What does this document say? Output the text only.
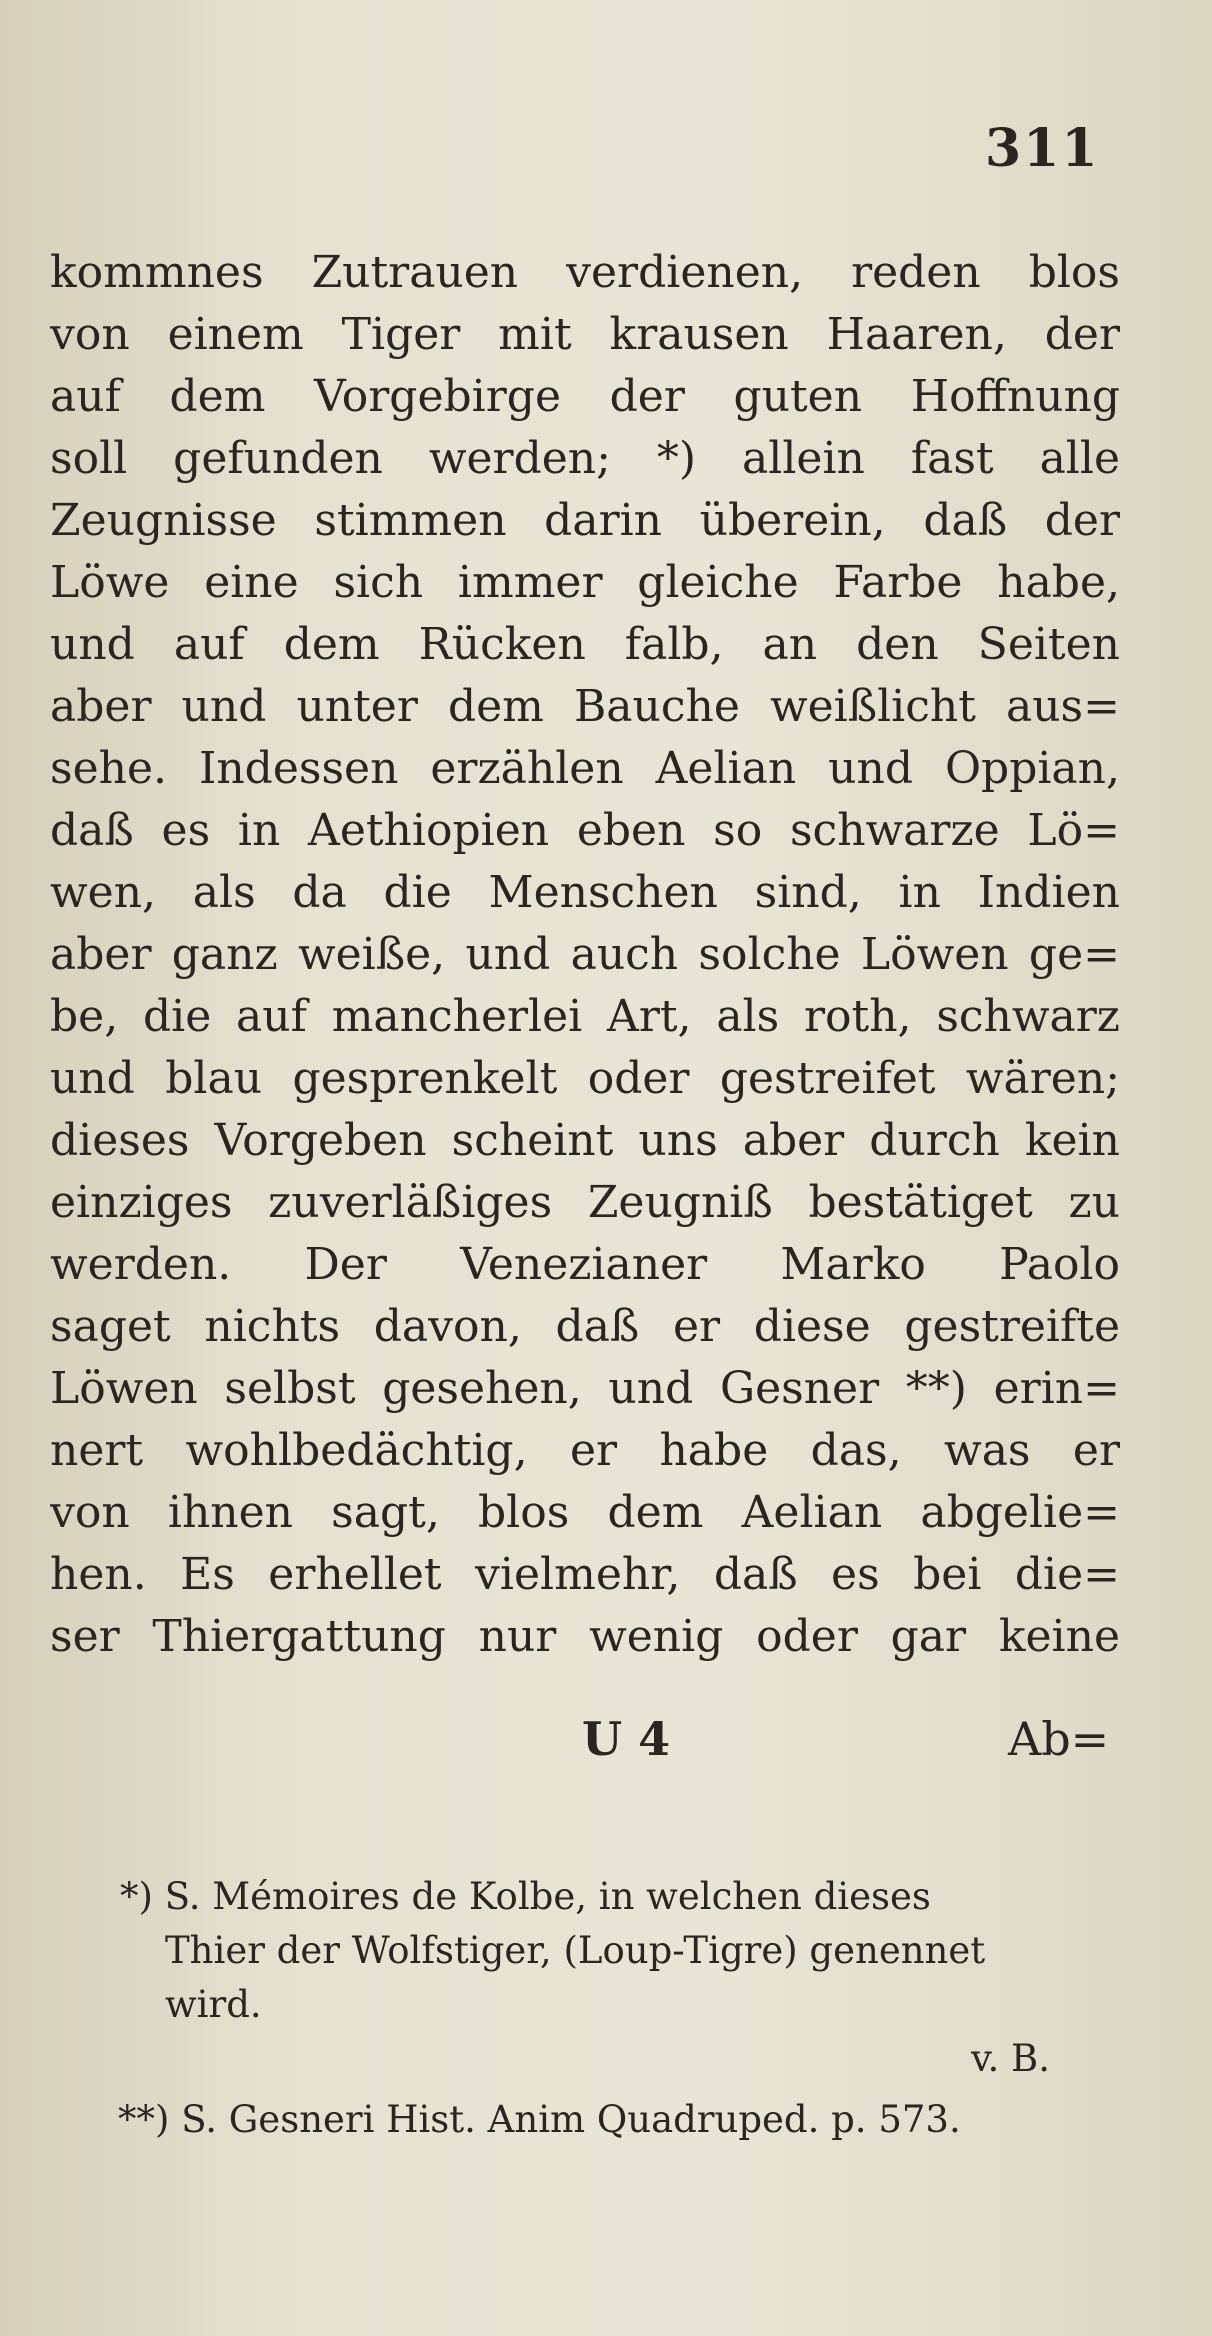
311
kommnes Zutrauen verdienen, reden blos
von einem Tiger mit krausen Haaren, der
auf dem Vorgebirge der guten Hoffnung
soll gefunden werden; *) allein fast alle
Zeugnisse stimmen darin überein, daß der
Löwe eine sich immer gleiche Farbe habe,
und auf dem Rücken falb, an den Seiten
aber und unter dem Bauche weißlicht aus=
sehe. Indessen erzählen Aelian und Oppian,
daß es in Aethiopien eben so schwarze Lö=
wen, als da die Menschen sind, in Indien
aber ganz weiße, und auch solche Löwen ge=
be, die auf mancherlei Art, als roth, schwarz
und blau gesprenkelt oder gestreifet wären;
dieses Vorgeben scheint uns aber durch kein
einziges zuverläßiges Zeugniß bestätiget zu
werden. Der Venezianer Marko Paolo
saget nichts davon, daß er diese gestreifte
Löwen selbst gesehen, und Gesner **) erin=
nert wohlbedächtig, er habe das, was er
von ihnen sagt, blos dem Aelian abgelie=
hen. Es erhellet vielmehr, daß es bei die=
ser Thiergattung nur wenig oder gar keine
U 4	Ab=
*) S. Mémoires de Kolbe, in welchen dieses
Thier der Wolfstiger, (Loup-Tigre) genennet
wird.
v. B.
**) S. Gesneri Hist. Anim Quadruped. p. 573.
